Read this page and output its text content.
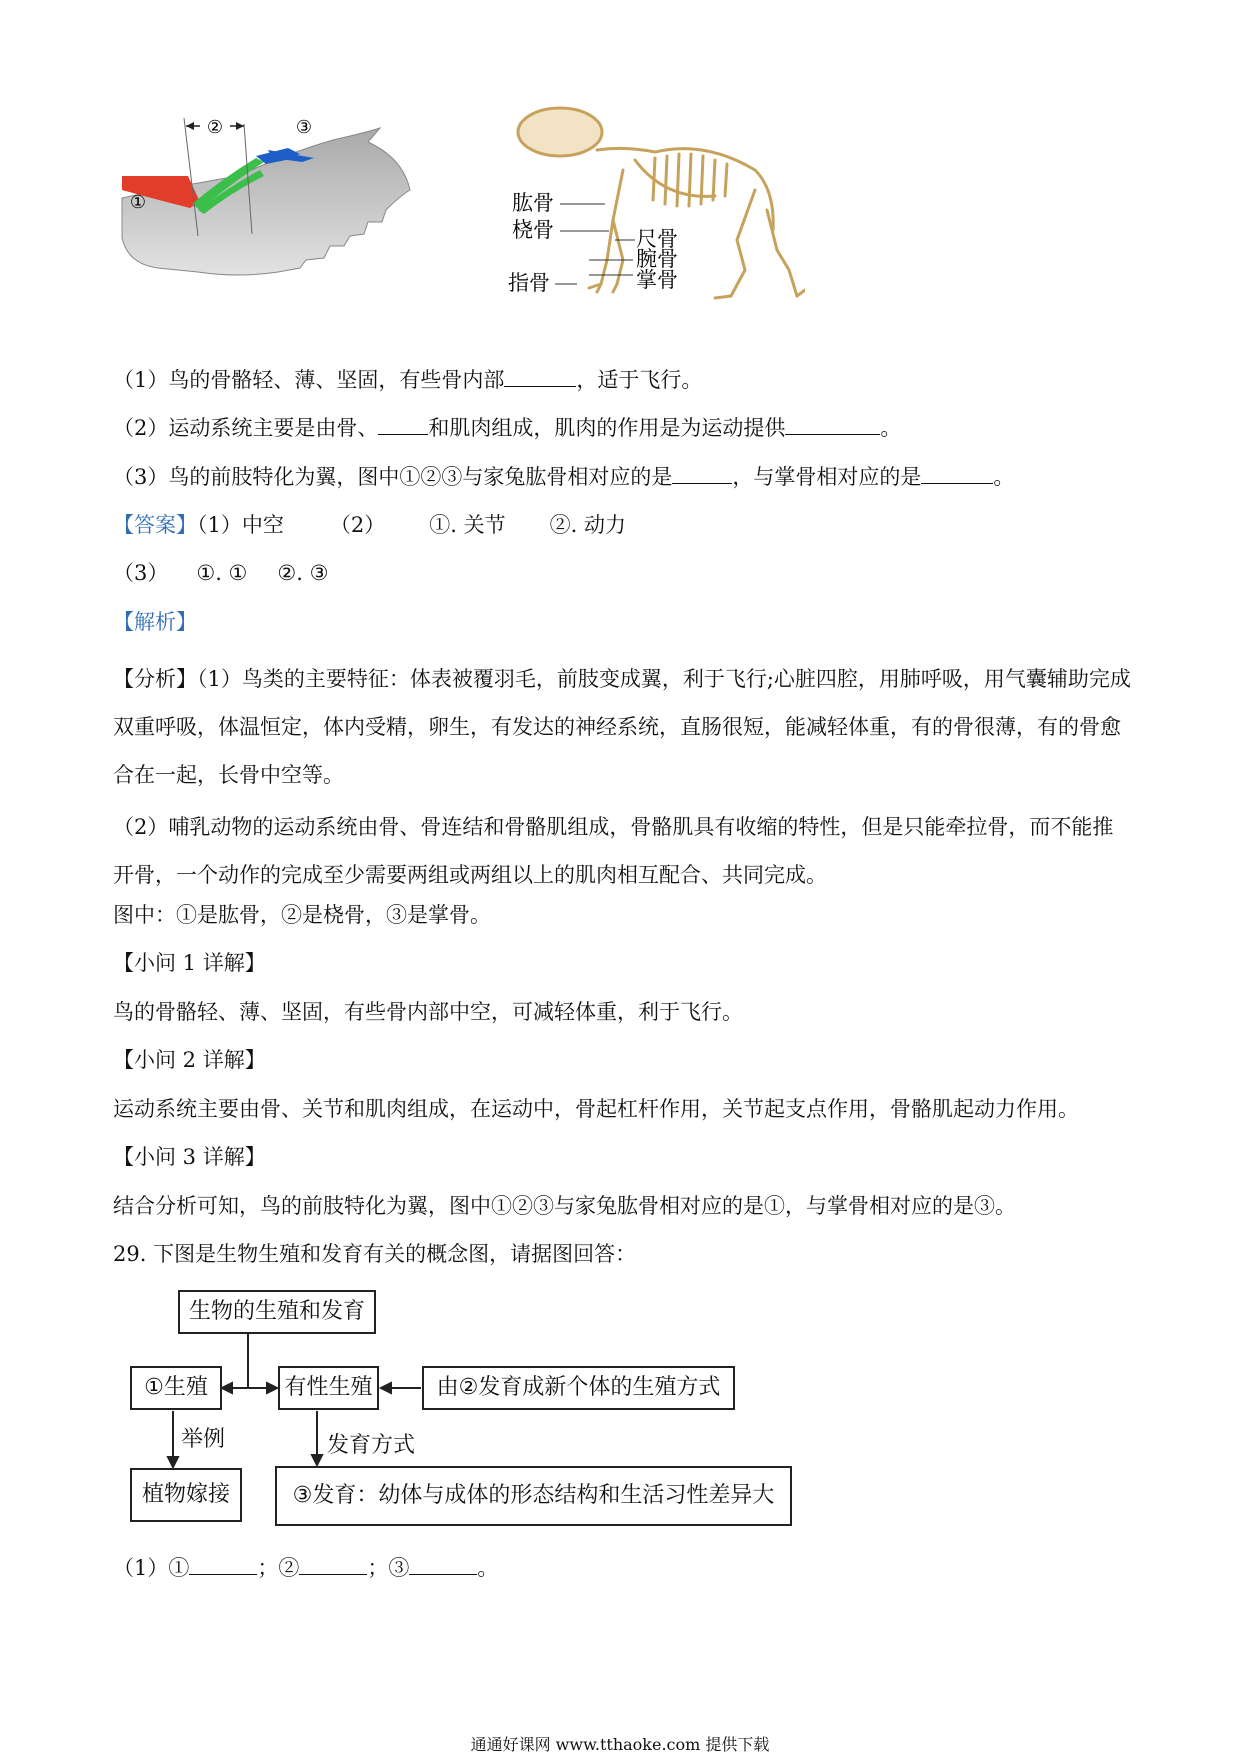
②	③
①	肱骨
桡骨	尺骨
腕骨
掌骨
指骨
（1）鸟的骨骼轻、薄、坚固，有些骨内部	，适于飞行。
（2）运动系统主要是由骨、 和肌肉组成，肌肉的作用是为运动提供	。
（3）鸟的前肢特化为翼，图中①②③与家兔肱骨相对应的是	，与掌骨相对应的是	。
【答案】（1）中空 （2） ①. 关节 ②. 动力
（3） ①. ① ②. ③
【解析】
【分析】（1）鸟类的主要特征：体表被覆羽毛，前肢变成翼，利于飞行;心脏四腔，用肺呼吸，用气囊辅助完成双重呼吸，体温恒定，体内受精，卵生，有发达的神经系统，直肠很短，能减轻体重，有的骨很薄，有的骨愈合在一起，长骨中空等。
（2）哺乳动物的运动系统由骨、骨连结和骨骼肌组成，骨骼肌具有收缩的特性，但是只能牵拉骨，而不能推开骨，一个动作的完成至少需要两组或两组以上的肌肉相互配合、共同完成。
图中：①是肱骨，②是桡骨，③是掌骨。
【小问 1 详解】
鸟的骨骼轻、薄、坚固，有些骨内部中空，可减轻体重，利于飞行。
【小问 2 详解】
运动系统主要由骨、关节和肌肉组成，在运动中，骨起杠杆作用，关节起支点作用，骨骼肌起动力作用。
【小问 3 详解】
结合分析可知，鸟的前肢特化为翼，图中①②③与家兔肱骨相对应的是①，与掌骨相对应的是③。
29. 下图是生物生殖和发育有关的概念图，请据图回答：
生物的生殖和发育
①生殖	有性生殖	由②发育成新个体的生殖方式
植物嫁接	③发育：幼体与成体的形态结构和生活习性差异大
举例	发育方式
（1）①	；②	；③	。
通通好课网 www.tthaoke.com 提供下载
